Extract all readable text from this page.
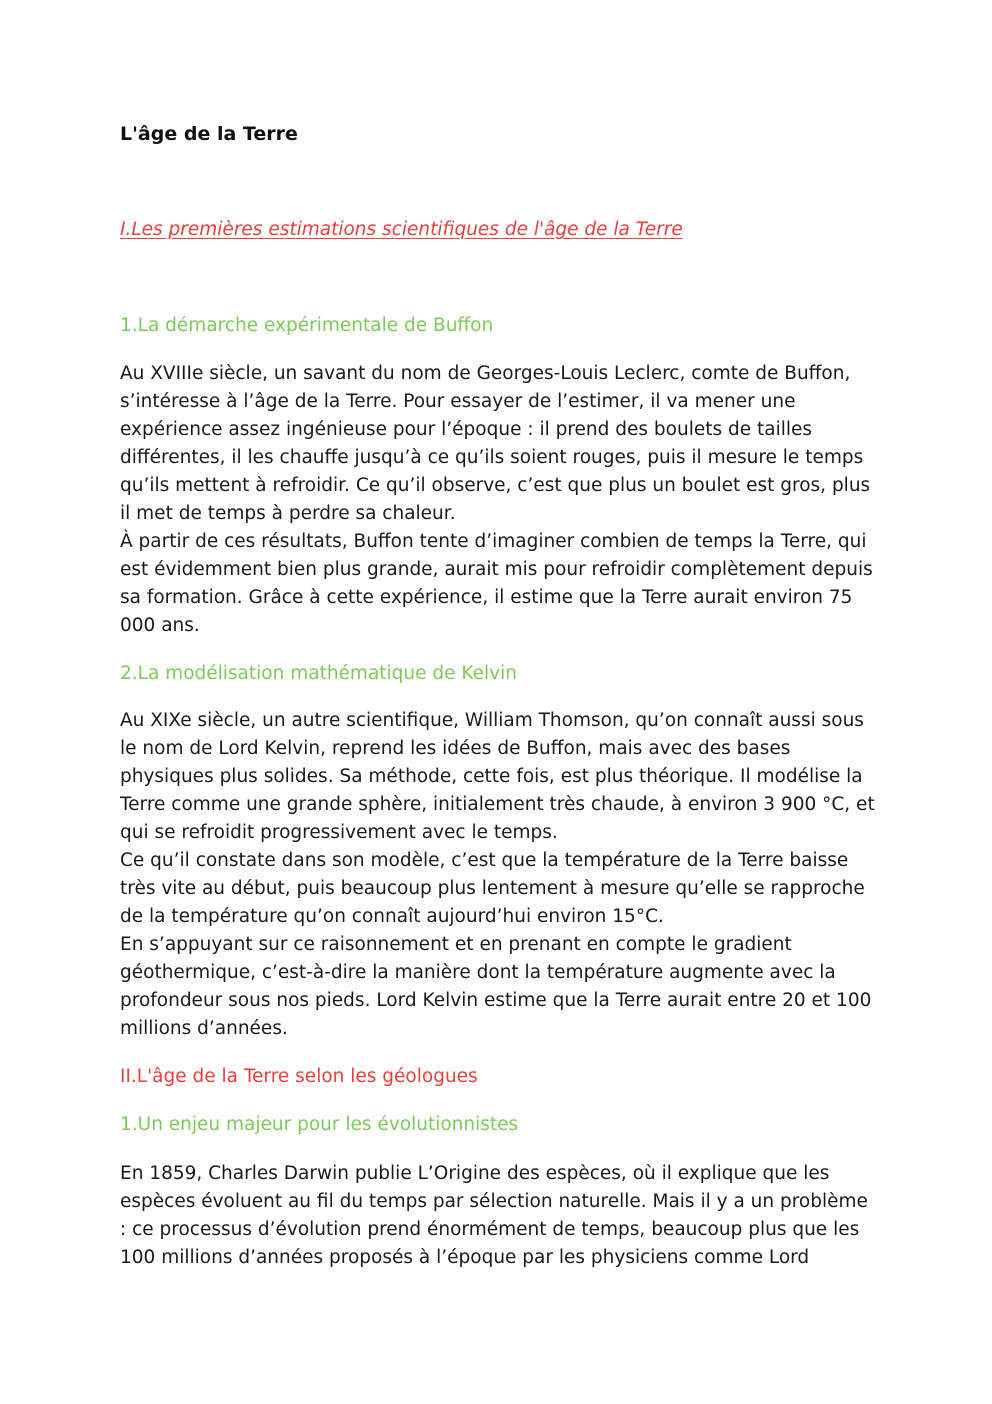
L'âge de la Terre
I.Les premières estimations scientifiques de l'âge de la Terre
1.La démarche expérimentale de Buffon

Au XVIIIe siècle, un savant du nom de Georges-Louis Leclerc, comte de Buffon, s’intéresse à l’âge de la Terre. Pour essayer de l’estimer, il va mener une expérience assez ingénieuse pour l’époque : il prend des boulets de tailles différentes, il les chauffe jusqu’à ce qu’ils soient rouges, puis il mesure le temps qu’ils mettent à refroidir. Ce qu’il observe, c’est que plus un boulet est gros, plus il met de temps à perdre sa chaleur.

À partir de ces résultats, Buffon tente d’imaginer combien de temps la Terre, qui est évidemment bien plus grande, aurait mis pour refroidir complètement depuis sa formation. Grâce à cette expérience, il estime que la Terre aurait environ 75 000 ans.

2.La modélisation mathématique de Kelvin

Au XIXe siècle, un autre scientifique, William Thomson, qu’on connaît aussi sous le nom de Lord Kelvin, reprend les idées de Buffon, mais avec des bases physiques plus solides. Sa méthode, cette fois, est plus théorique. Il modélise la Terre comme une grande sphère, initialement très chaude, à environ 3 900 °C, et qui se refroidit progressivement avec le temps.

Ce qu’il constate dans son modèle, c’est que la température de la Terre baisse très vite au début, puis beaucoup plus lentement à mesure qu’elle se rapproche de la température qu’on connaît aujourd’hui environ 15°C.

En s’appuyant sur ce raisonnement et en prenant en compte le gradient géothermique, c’est-à-dire la manière dont la température augmente avec la profondeur sous nos pieds. Lord Kelvin estime que la Terre aurait entre 20 et 100 millions d’années.

II.L'âge de la Terre selon les géologues
1.Un enjeu majeur pour les évolutionnistes

En 1859, Charles Darwin publie L’Origine des espèces, où il explique que les espèces évoluent au fil du temps par sélection naturelle. Mais il y a un problème : ce processus d’évolution prend énormément de temps, beaucoup plus que les 100 millions d’années proposés à l’époque par les physiciens comme Lord
